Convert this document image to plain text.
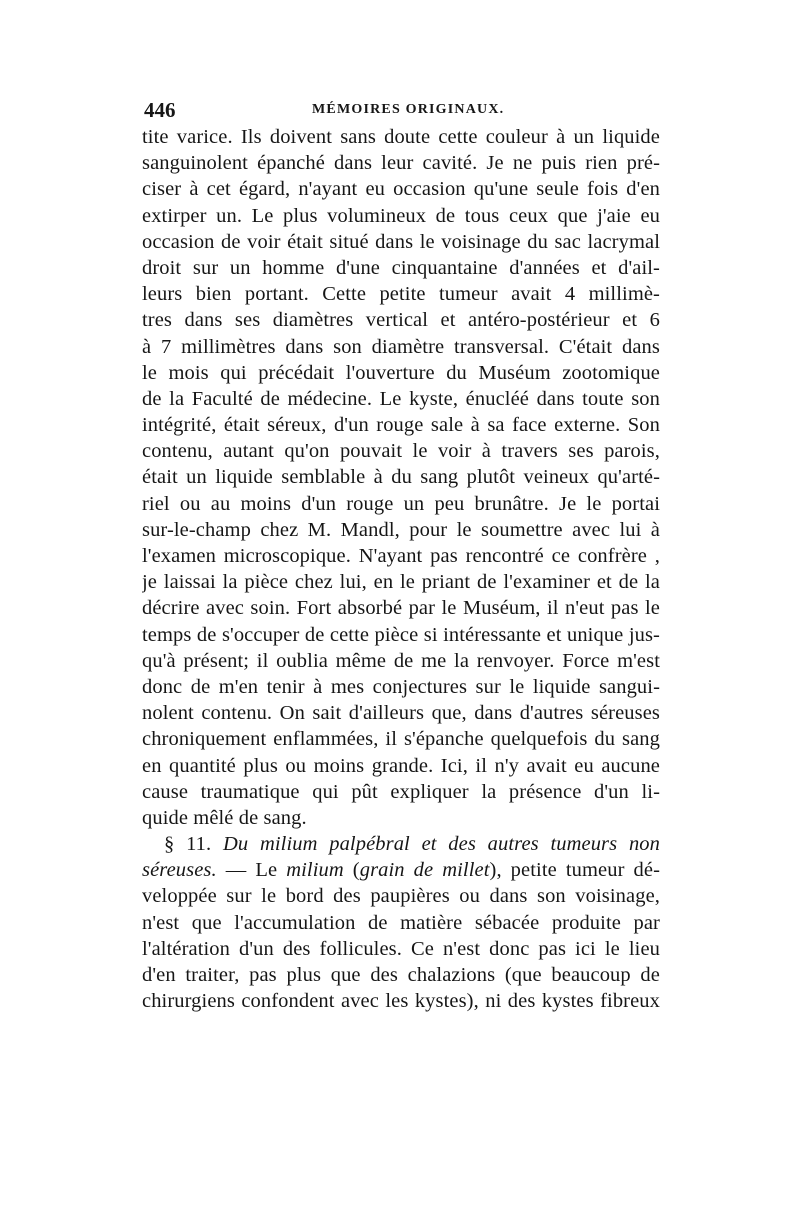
446	MÉMOIRES ORIGINAUX.
tite varice. Ils doivent sans doute cette couleur à un liquide
sanguinolent épanché dans leur cavité. Je ne puis rien pré-
ciser à cet égard, n'ayant eu occasion qu'une seule fois d'en
extirper un. Le plus volumineux de tous ceux que j'aie eu
occasion de voir était situé dans le voisinage du sac lacrymal
droit sur un homme d'une cinquantaine d'années et d'ail-
leurs bien portant. Cette petite tumeur avait 4 millimè-
tres dans ses diamètres vertical et antéro-postérieur et 6
à 7 millimètres dans son diamètre transversal. C'était dans
le mois qui précédait l'ouverture du Muséum zootomique
de la Faculté de médecine. Le kyste, énucléé dans toute son
intégrité, était séreux, d'un rouge sale à sa face externe. Son
contenu, autant qu'on pouvait le voir à travers ses parois,
était un liquide semblable à du sang plutôt veineux qu'arté-
riel ou au moins d'un rouge un peu brunâtre. Je le portai
sur-le-champ chez M. Mandl, pour le soumettre avec lui à
l'examen microscopique. N'ayant pas rencontré ce confrère ,
je laissai la pièce chez lui, en le priant de l'examiner et de la
décrire avec soin. Fort absorbé par le Muséum, il n'eut pas le
temps de s'occuper de cette pièce si intéressante et unique jus-
qu'à présent; il oublia même de me la renvoyer. Force m'est
donc de m'en tenir à mes conjectures sur le liquide sangui-
nolent contenu. On sait d'ailleurs que, dans d'autres séreuses
chroniquement enflammées, il s'épanche quelquefois du sang
en quantité plus ou moins grande. Ici, il n'y avait eu aucune
cause traumatique qui pût expliquer la présence d'un li-
quide mêlé de sang.
§ 11. Du milium palpébral et des autres tumeurs non
séreuses. — Le milium (grain de millet), petite tumeur dé-
veloppée sur le bord des paupières ou dans son voisinage,
n'est que l'accumulation de matière sébacée produite par
l'altération d'un des follicules. Ce n'est donc pas ici le lieu
d'en traiter, pas plus que des chalazions (que beaucoup de
chirurgiens confondent avec les kystes), ni des kystes fibreux
